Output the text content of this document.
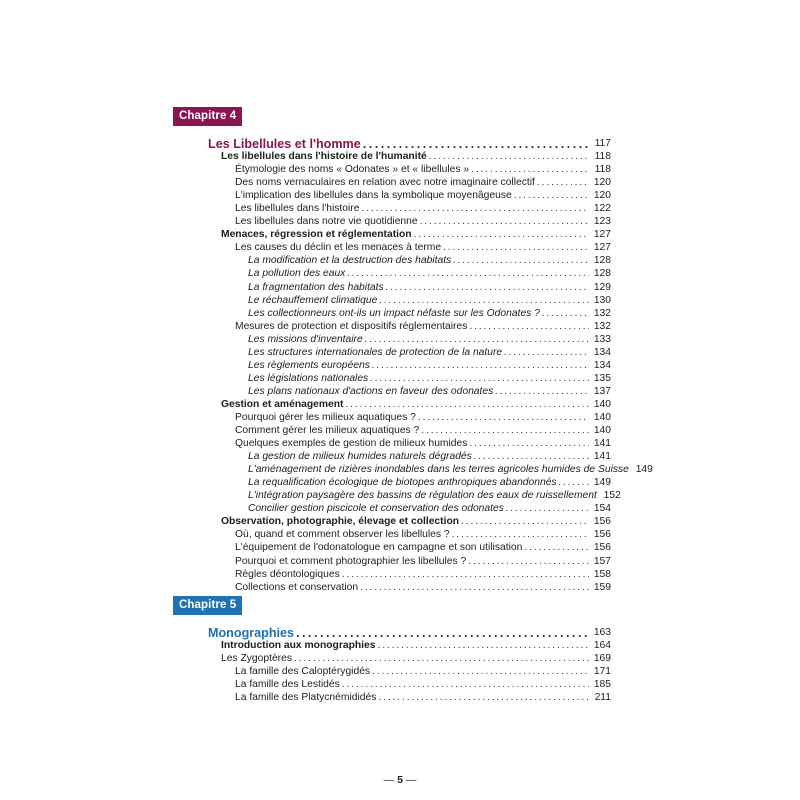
Chapitre 4
Les Libellules et l'homme . . .	117
Les libellules dans l'histoire de l'humanité . . .	118
Étymologie des noms « Odonates » et « libellules » . . .	118
Des noms vernaculaires en relation avec notre imaginaire collectif . . .	120
L'implication des libellules dans la symbolique moyenâgeuse . . .	120
Les libellules dans l'histoire . . .	122
Les libellules dans notre vie quotidienne . . .	123
Menaces, régression et réglementation . . .	127
Les causes du déclin et les menaces à terme . . .	127
La modification et la destruction des habitats . . .	128
La pollution des eaux . . .	128
La fragmentation des habitats . . .	129
Le réchauffement climatique . . .	130
Les collectionneurs ont-ils un impact néfaste sur les Odonates ? . . .	132
Mesures de protection et dispositifs réglementaires . . .	132
Les missions d'inventaire . . .	133
Les structures internationales de protection de la nature . . .	134
Les règlements européens . . .	134
Les législations nationales . . .	135
Les plans nationaux d'actions en faveur des odonates . . .	137
Gestion et aménagement . . .	140
Pourquoi gérer les milieux aquatiques ? . . .	140
Comment gérer les milieux aquatiques ? . . .	140
Quelques exemples de gestion de milieux humides . . .	141
La gestion de milieux humides naturels dégradés . . .	141
L'aménagement de rizières inondables dans les terres agricoles humides de Suisse 149
La requalification écologique de biotopes anthropiques abandonnés . . .	149
L'intégration paysagère des bassins de régulation des eaux de ruissellement 152
Concilier gestion piscicole et conservation des odonates . . .	154
Observation, photographie, élevage et collection . . .	156
Où, quand et comment observer les libellules ? . . .	156
L'équipement de l'odonatologue en campagne et son utilisation . . .	156
Pourquoi et comment photographier les libellules ? . . .	157
Règles déontologiques . . .	158
Collections et conservation . . .	159
Chapitre 5
Monographies . . .	163
Introduction aux monographies . . .	164
Les Zygoptères . . .	169
La famille des Caloptérygidés . . .	171
La famille des Lestidés . . .	185
La famille des Platycnémididés . . .	211
— 5 —
